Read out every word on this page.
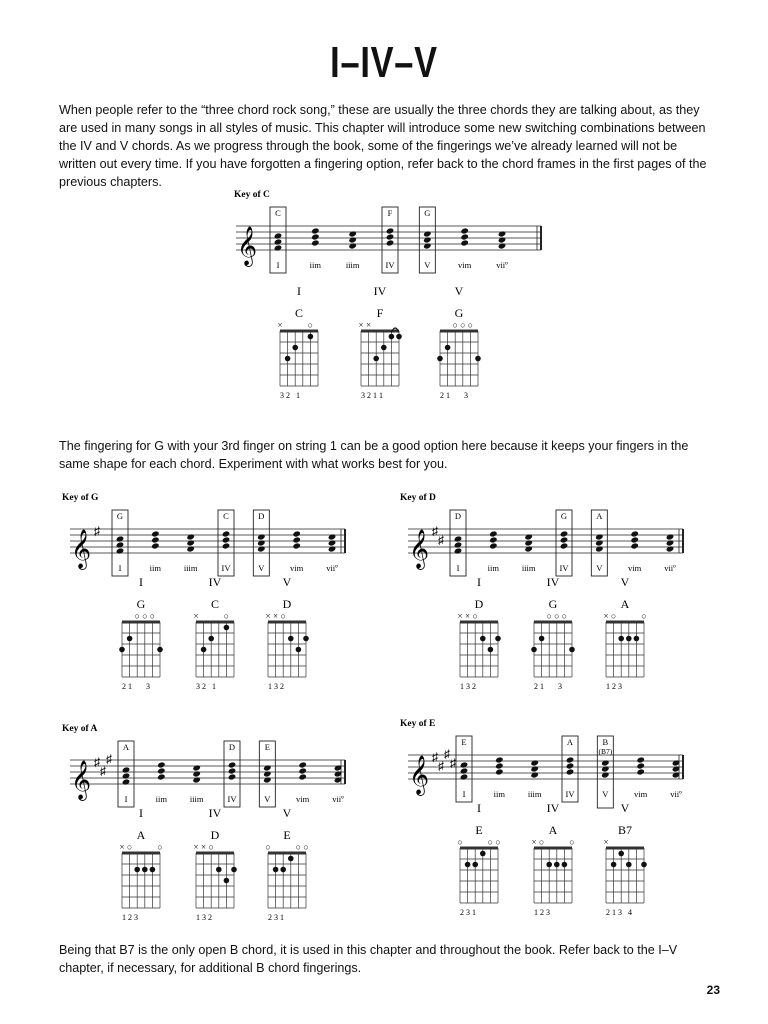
I–IV–V

When people refer to the “three chord rock song,” these are usually the three chords they are talking about, as they are used in many songs in all styles of music. This chapter will introduce some new switching combinations between the IV and V chords. As we progress through the book, some of the fingerings we’ve already learned will not be written out every time. If you have forgotten a fingering option, refer back to the chord frames in the first pages of the previous chapters.

The fingering for G with your 3rd finger on string 1 can be a good option here because it keeps your fingers in the same shape for each chord. Experiment with what works best for you.

Being that B7 is the only open B chord, it is used in this chapter and throughout the book. Refer back to the I–V chapter, if necessary, for additional B chord fingerings.

23
Key of C
𝄞 I
C
iim	iiim	IV
F
V
G
vim	viiº
I
C
×	○
3 2   1
IV
F
× ×
3 2 1 1
V
G
○ ○ ○
2 1       3
Key of G
𝄞 ♯
I
G
iim	iiim	IV
C
V
D
vim	viiº
I
G
○ ○ ○
2 1       3
IV
C
×	○
3 2   1
V
D
× × ○
1 3 2
Key of D
𝄞 ♯
♯
I
D
iim	iiim	IV
G
V
A
vim	viiº
I
D
× × ○
1 3 2
IV
G
○ ○ ○
2 1       3
V
A
× ○	○
1 2 3
Key of A
𝄞 ♯
♯
♯
I
A
iim	iiim	IV
D
V
E
vim	viiº
I
A
× ○	○
1 2 3
IV
D
× × ○
1 3 2
V
E
○	○ ○
2 3 1
Key of E
𝄞 ♯
♯
♯
♯
I
E
iim	iiim	IV
A
V
B
(B7)
vim	viiº
I
E
○	○ ○
2 3 1
IV
A
× ○	○
1 2 3
V
B7
×
2 1 3   4
